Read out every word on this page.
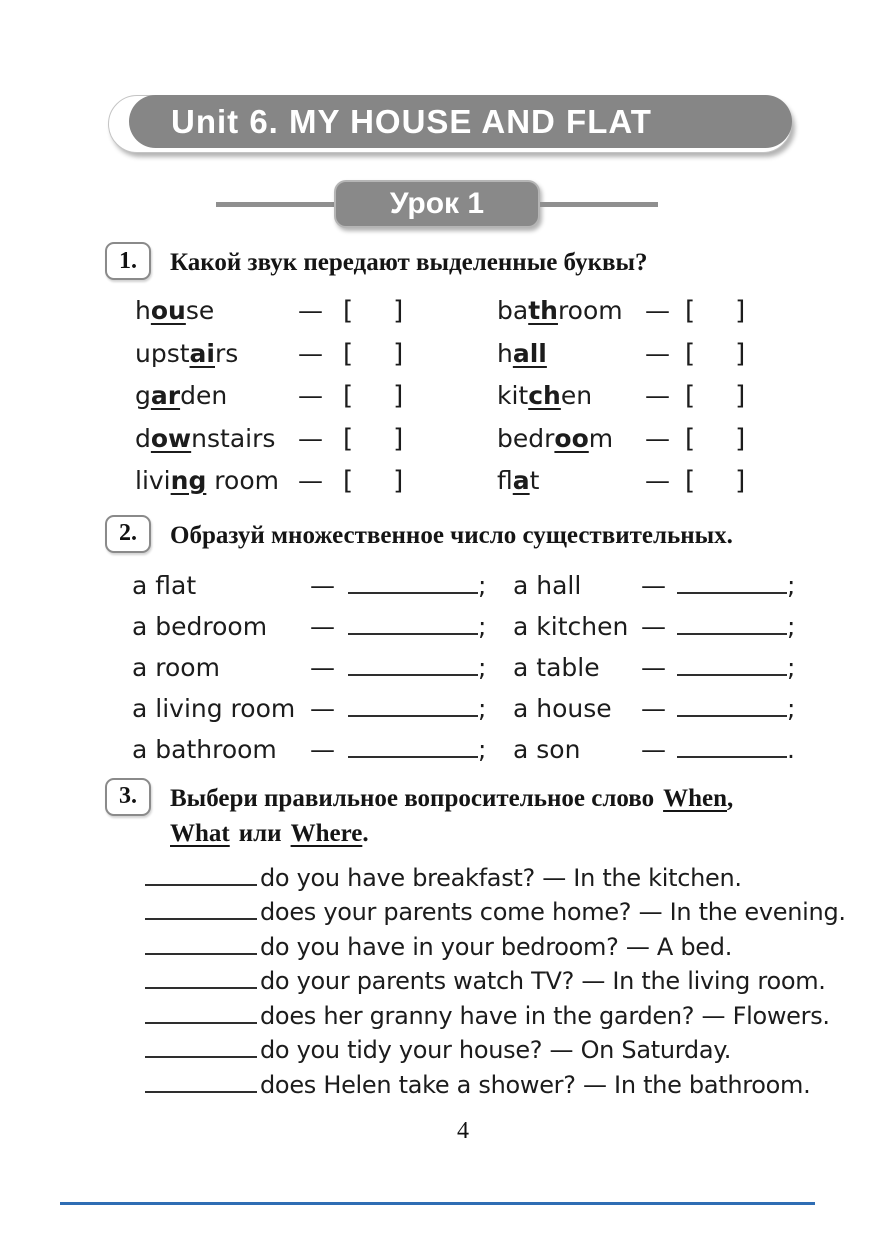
Unit 6. MY HOUSE AND FLAT
Урок 1
1.	Какой звук передают выделенные буквы?
house	— [ ]	bathroom — [ ]
upstairs	— [ ]	hall	— [ ]
garden	— [ ]	kitchen	— [ ]
downstairs — [ ]	bedroom	— [ ]
living room — [ ]	flat	— [ ]
2.	Образуй множественное число существительных.
a flat	—	;	a hall	—	;
a bedroom	—	;	a kitchen —	;
a room	—	;	a table	—	;
a living room —	;	a house	—	;
a bathroom	—	;	a son	—	.
3.	Выбери правильное вопросительное слово When,
What или Where.
do you have breakfast? — In the kitchen.
does your parents come home? — In the evening.
do you have in your bedroom? — A bed.
do your parents watch TV? — In the living room.
does her granny have in the garden? — Flowers.
do you tidy your house? — On Saturday.
does Helen take a shower? — In the bathroom.
4
